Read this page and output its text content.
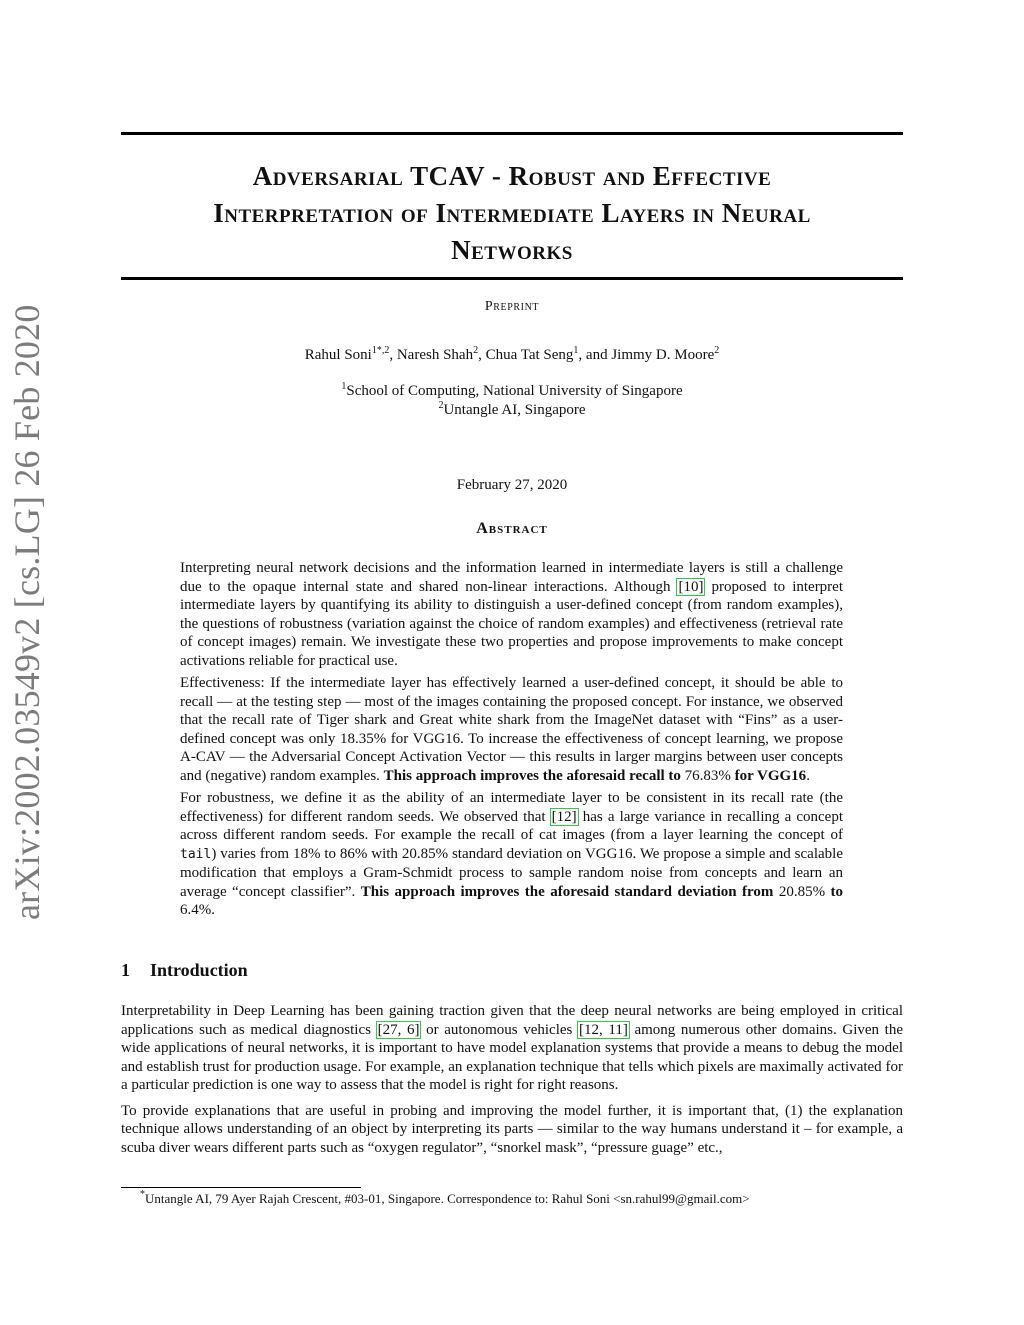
arXiv:2002.03549v2 [cs.LG] 26 Feb 2020
Adversarial TCAV - Robust and Effective
Interpretation of Intermediate Layers in Neural
Networks
Preprint
Rahul Soni$^{1*,2}$, Naresh Shah$^2$, Chua Tat Seng$^1$, and Jimmy D. Moore$^2$
$^1$School of Computing, National University of Singapore
$^2$Untangle AI, Singapore
February 27, 2020
Abstract

Interpreting neural network decisions and the information learned in intermediate layers is still a challenge due to the opaque internal state and shared non-linear interactions. Although [10] proposed to interpret intermediate layers by quantifying its ability to distinguish a user-defined concept (from random examples), the questions of robustness (variation against the choice of random examples) and effectiveness (retrieval rate of concept images) remain. We investigate these two properties and propose improvements to make concept activations reliable for practical use.

Effectiveness: If the intermediate layer has effectively learned a user-defined concept, it should be able to recall — at the testing step — most of the images containing the proposed concept. For instance, we observed that the recall rate of Tiger shark and Great white shark from the ImageNet dataset with “Fins” as a user-defined concept was only 18.35% for VGG16. To increase the effectiveness of concept learning, we propose A-CAV — the Adversarial Concept Activation Vector — this results in larger margins between user concepts and (negative) random examples. This approach improves the aforesaid recall to 76.83% for VGG16.

For robustness, we define it as the ability of an intermediate layer to be consistent in its recall rate (the effectiveness) for different random seeds. We observed that [12] has a large variance in recalling a concept across different random seeds. For example the recall of cat images (from a layer learning the concept of tail) varies from 18% to 86% with 20.85% standard deviation on VGG16. We propose a simple and scalable modification that employs a Gram-Schmidt process to sample random noise from concepts and learn an average “concept classifier”. This approach improves the aforesaid standard deviation from 20.85% to 6.4%.

1 Introduction

Interpretability in Deep Learning has been gaining traction given that the deep neural networks are being employed in critical applications such as medical diagnostics [27, 6] or autonomous vehicles [12, 11] among numerous other domains. Given the wide applications of neural networks, it is important to have model explanation systems that provide a means to debug the model and establish trust for production usage. For example, an explanation technique that tells which pixels are maximally activated for a particular prediction is one way to assess that the model is right for right reasons.

To provide explanations that are useful in probing and improving the model further, it is important that, (1) the explanation technique allows understanding of an object by interpreting its parts — similar to the way humans understand it – for example, a scuba diver wears different parts such as “oxygen regulator”, “snorkel mask”, “pressure guage” etc.,

*Untangle AI, 79 Ayer Rajah Crescent, #03-01, Singapore. Correspondence to: Rahul Soni <sn.rahul99@gmail.com>
